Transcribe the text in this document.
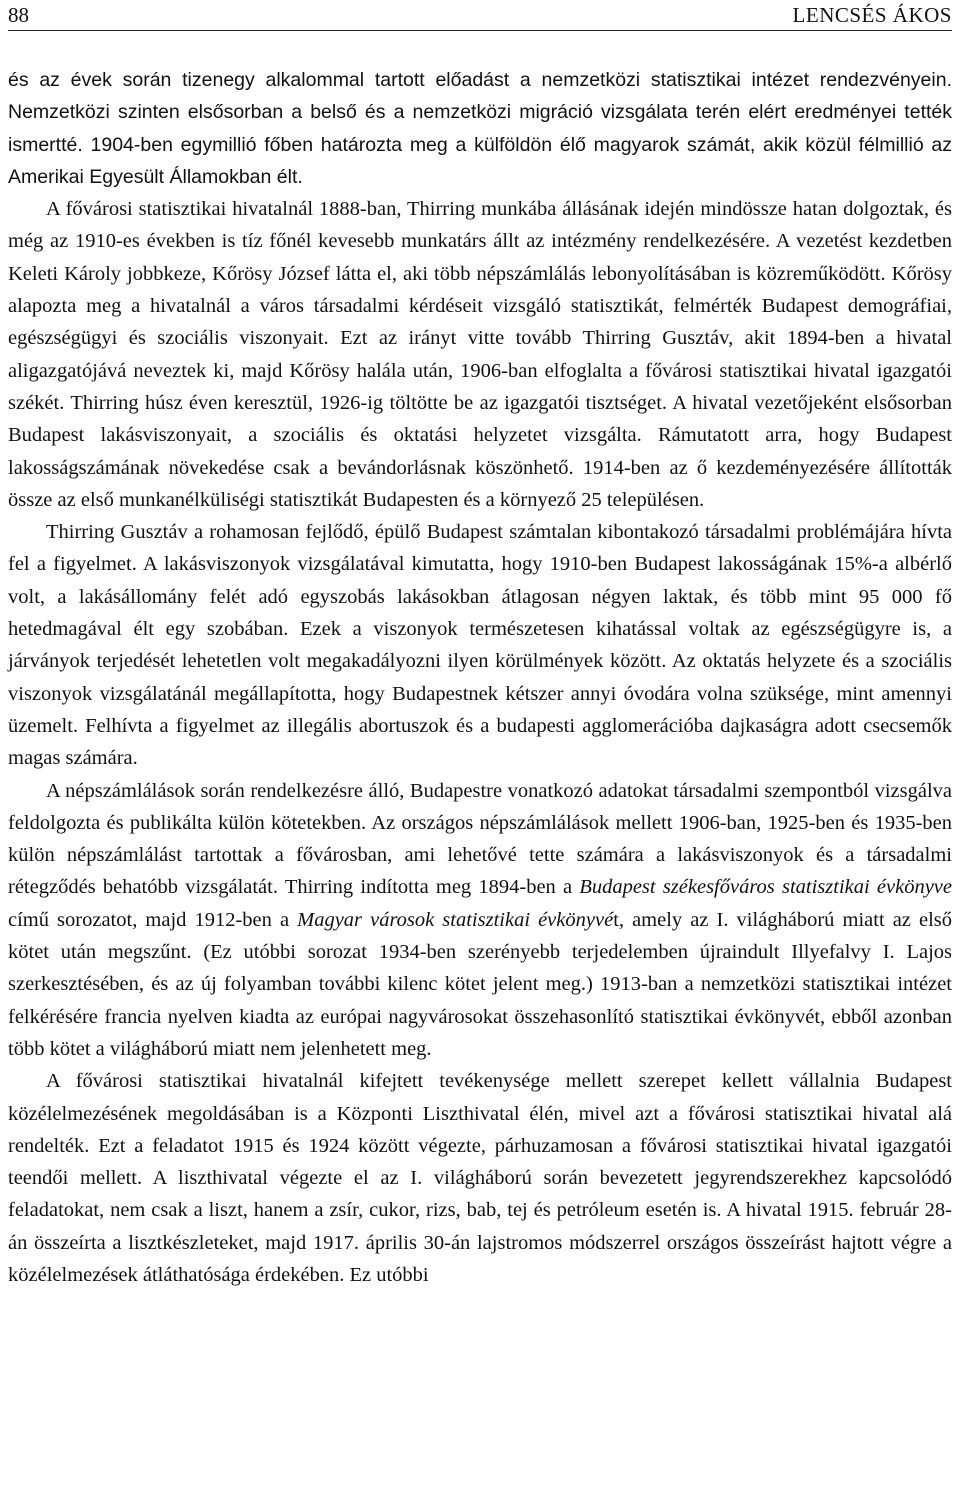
88	LENCSÉS ÁKOS

és az évek során tizenegy alkalommal tartott előadást a nemzetközi statisztikai intézet rendezvényein. Nemzetközi szinten elsősorban a belső és a nemzetközi migráció vizsgálata terén elért eredményei tették ismertté. 1904-ben egymillió főben határozta meg a külföldön élő magyarok számát, akik közül félmillió az Amerikai Egyesült Államokban élt.

A fővárosi statisztikai hivatalnál 1888-ban, Thirring munkába állásának idején mindössze hatan dolgoztak, és még az 1910-es években is tíz főnél kevesebb munkatárs állt az intézmény rendelkezésére. A vezetést kezdetben Keleti Károly jobbkeze, Kőrösy József látta el, aki több népszámlálás lebonyolításában is közreműködött. Kőrösy alapozta meg a hivatalnál a város társadalmi kérdéseit vizsgáló statisztikát, felmérték Budapest demográfiai, egészségügyi és szociális viszonyait. Ezt az irányt vitte tovább Thirring Gusztáv, akit 1894-ben a hivatal aligazgatójává neveztek ki, majd Kőrösy halála után, 1906-ban elfoglalta a fővárosi statisztikai hivatal igazgatói székét. Thirring húsz éven keresztül, 1926-ig töltötte be az igazgatói tisztséget. A hivatal vezetőjeként elsősorban Budapest lakásviszonyait, a szociális és oktatási helyzetet vizsgálta. Rámutatott arra, hogy Budapest lakosságszámának növekedése csak a bevándorlásnak köszönhető. 1914-ben az ő kezdeményezésére állították össze az első munkanélküliségi statisztikát Budapesten és a környező 25 településen.

Thirring Gusztáv a rohamosan fejlődő, épülő Budapest számtalan kibontakozó társadalmi problémájára hívta fel a figyelmet. A lakásviszonyok vizsgálatával kimutatta, hogy 1910-ben Budapest lakosságának 15%-a albérlő volt, a lakásállomány felét adó egyszobás lakásokban átlagosan négyen laktak, és több mint 95 000 fő hetedmagával élt egy szobában. Ezek a viszonyok természetesen kihatással voltak az egészségügyre is, a járványok terjedését lehetetlen volt megakadályozni ilyen körülmények között. Az oktatás helyzete és a szociális viszonyok vizsgálatánál megállapította, hogy Budapestnek kétszer annyi óvodára volna szüksége, mint amennyi üzemelt. Felhívta a figyelmet az illegális abortuszok és a budapesti agglomerációba dajkaságra adott csecsemők magas számára.

A népszámlálások során rendelkezésre álló, Budapestre vonatkozó adatokat társadalmi szempontból vizsgálva feldolgozta és publikálta külön kötetekben. Az országos népszámlálások mellett 1906-ban, 1925-ben és 1935-ben külön népszámlálást tartottak a fővárosban, ami lehetővé tette számára a lakásviszonyok és a társadalmi rétegződés behatóbb vizsgálatát. Thirring indította meg 1894-ben a Budapest székesfőváros statisztikai évkönyve című sorozatot, majd 1912-ben a Magyar városok statisztikai évkönyvét, amely az I. világháború miatt az első kötet után megszűnt. (Ez utóbbi sorozat 1934-ben szerényebb terjedelemben újraindult Illyefalvy I. Lajos szerkesztésében, és az új folyamban további kilenc kötet jelent meg.) 1913-ban a nemzetközi statisztikai intézet felkérésére francia nyelven kiadta az európai nagyvárosokat összehasonlító statisztikai évkönyvét, ebből azonban több kötet a világháború miatt nem jelenhetett meg.

A fővárosi statisztikai hivatalnál kifejtett tevékenysége mellett szerepet kellett vállalnia Budapest közélelmezésének megoldásában is a Központi Liszthivatal élén, mivel azt a fővárosi statisztikai hivatal alá rendelték. Ezt a feladatot 1915 és 1924 között végezte, párhuzamosan a fővárosi statisztikai hivatal igazgatói teendői mellett. A liszthivatal végezte el az I. világháború során bevezetett jegyrendszerekhez kapcsolódó feladatokat, nem csak a liszt, hanem a zsír, cukor, rizs, bab, tej és petróleum esetén is. A hivatal 1915. február 28-án összeírta a lisztkészleteket, majd 1917. április 30-án lajstromos módszerrel országos összeírást hajtott végre a közélelmezések átláthatósága érdekében. Ez utóbbi
